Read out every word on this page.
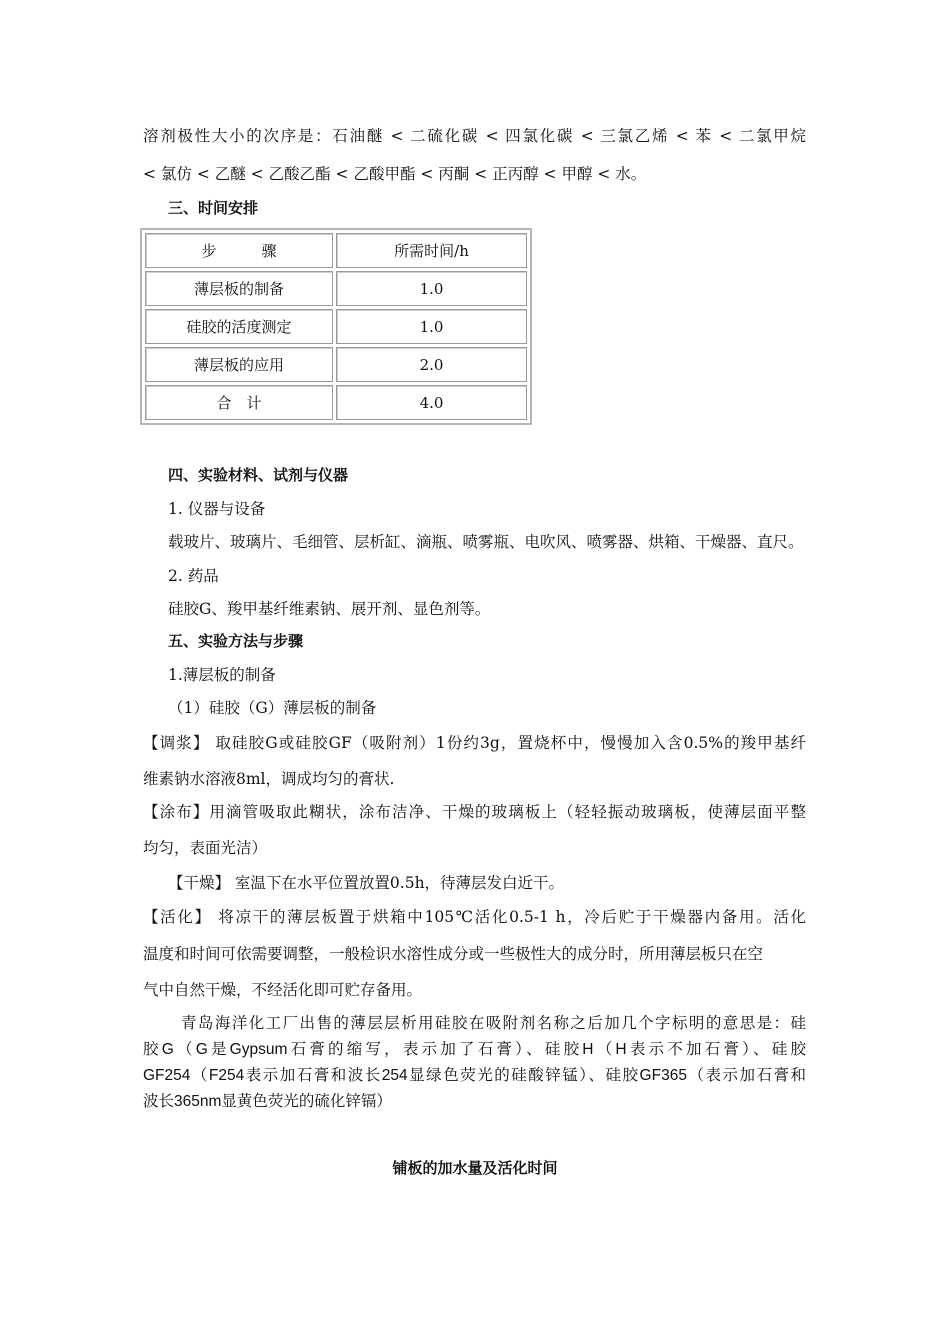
溶剂极性大小的次序是：石油醚 < 二硫化碳 < 四氯化碳 < 三氯乙烯 < 苯 < 二氯甲烷
< 氯仿 < 乙醚 < 乙酸乙酯 < 乙酸甲酯 < 丙酮 < 正丙醇 < 甲醇 < 水。
三、时间安排
步　　　骤	所需时间/h
薄层板的制备	1.0
硅胶的活度测定	1.0
薄层板的应用	2.0
合　计	4.0
四、实验材料、试剂与仪器
1. 仪器与设备
载玻片、玻璃片、毛细管、层析缸、滴瓶、喷雾瓶、电吹风、喷雾器、烘箱、干燥器、直尺。
2. 药品
硅胶G、羧甲基纤维素钠、展开剂、显色剂等。
五、实验方法与步骤
1.薄层板的制备
（1）硅胶（G）薄层板的制备
【调浆】 取硅胶G或硅胶GF（吸附剂）1份约3g，置烧杯中，慢慢加入含0.5%的羧甲基纤
维素钠水溶液8ml，调成均匀的膏状.
【涂布】用滴管吸取此糊状，涂布洁净、干燥的玻璃板上（轻轻振动玻璃板，使薄层面平整
均匀，表面光洁）
【干燥】 室温下在水平位置放置0.5h，待薄层发白近干。
【活化】 将凉干的薄层板置于烘箱中105℃活化0.5-1 h，冷后贮于干燥器内备用。活化
温度和时间可依需要调整，一般检识水溶性成分或一些极性大的成分时，所用薄层板只在空
气中自然干燥，不经活化即可贮存备用。
青岛海洋化工厂出售的薄层层析用硅胶在吸附剂名称之后加几个字标明的意思是：硅
胶G（G是Gypsum石膏的缩写，表示加了石膏）、硅胶H（H表示不加石膏）、硅胶
GF254（F254表示加石膏和波长254显绿色荧光的硅酸锌锰）、硅胶GF365（表示加石膏和
波长365nm显黄色荧光的硫化锌镉）
铺板的加水量及活化时间
